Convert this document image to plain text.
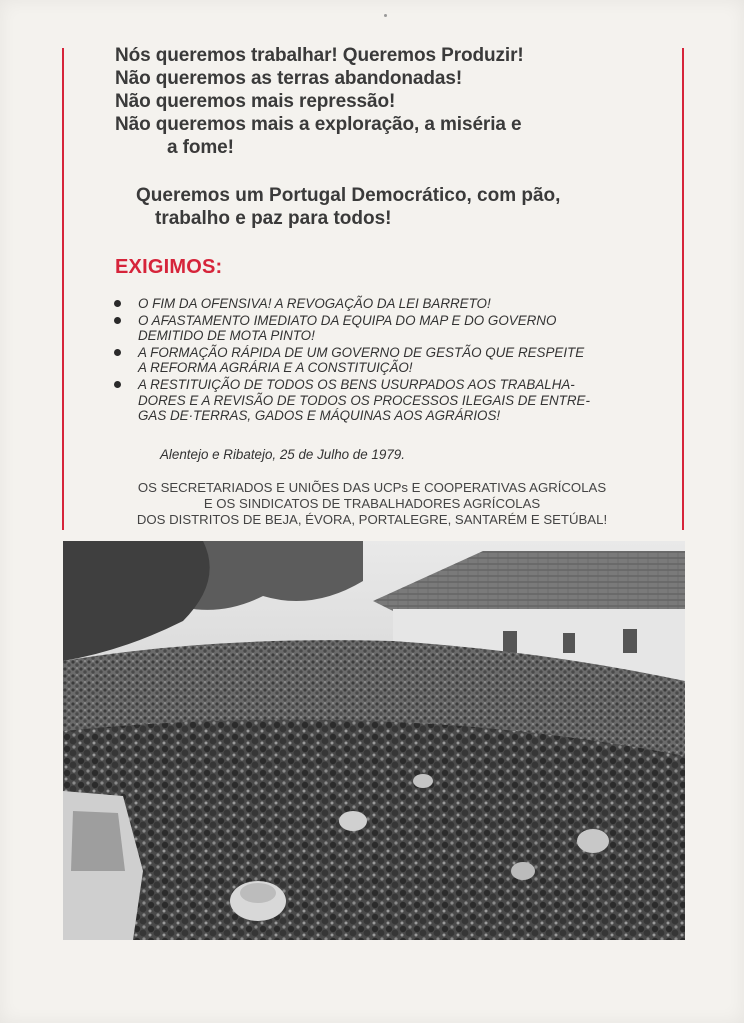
Nós queremos trabalhar! Queremos Produzir!
Não queremos as terras abandonadas!
Não queremos mais repressão!
Não queremos mais a exploração, a miséria e
a fome!
Queremos um Portugal Democrático, com pão,
trabalho e paz para todos!
EXIGIMOS:
O FIM DA OFENSIVA! A REVOGAÇÃO DA LEI BARRETO!
O AFASTAMENTO IMEDIATO DA EQUIPA DO MAP E DO GOVERNO
DEMITIDO DE MOTA PINTO!
A FORMAÇÃO RÁPIDA DE UM GOVERNO DE GESTÃO QUE RESPEITE
A REFORMA AGRÁRIA E A CONSTITUIÇÃO!
A RESTITUIÇÃO DE TODOS OS BENS USURPADOS AOS TRABALHA-
DORES E A REVISÃO DE TODOS OS PROCESSOS ILEGAIS DE ENTRE-
GAS DE·TERRAS, GADOS E MÁQUINAS AOS AGRÁRIOS!
Alentejo e Ribatejo, 25 de Julho de 1979.
OS SECRETARIADOS E UNIÕES DAS UCPs E COOPERATIVAS AGRÍCOLAS
E OS SINDICATOS DE TRABALHADORES AGRÍCOLAS
DOS DISTRITOS DE BEJA, ÉVORA, PORTALEGRE, SANTARÉM E SETÚBAL!
